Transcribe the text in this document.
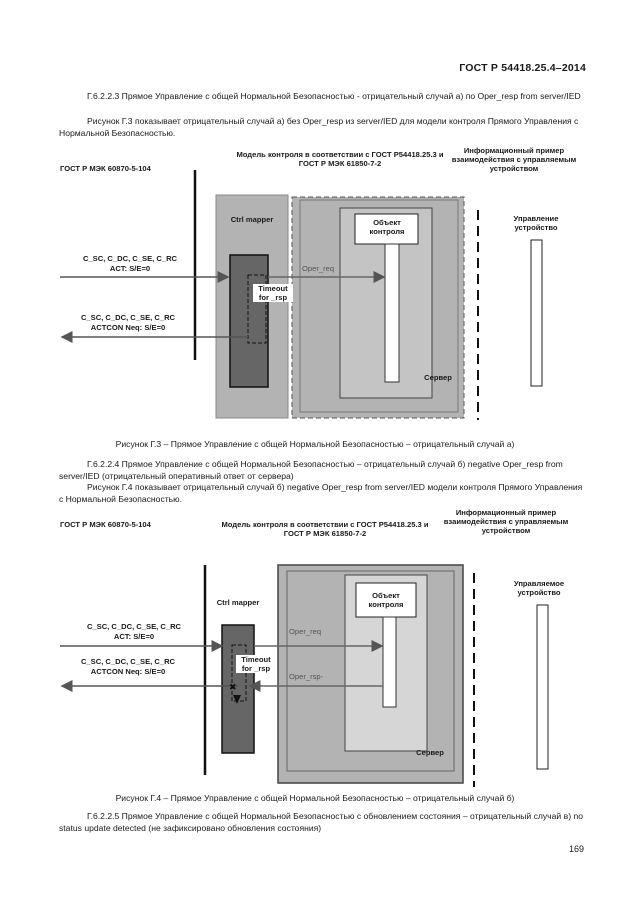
ГОСТ Р 54418.25.4–2014
Г.6.2.2.3 Прямое Управление с общей Нормальной Безопасностью - отрицательный случай а) по Oper_resp from server/IED
Рисунок Г.3 показывает отрицательный случай а) без Oper_resp из server/IED для модели контроля Прямого Управления с Нормальной Безопасностью.
ГОСТ Р МЭК 60870-5-104
Модель контроля в соответствии с ГОСТ Р54418.25.3 и ГОСТ Р МЭК 61850-7-2
Информационный пример взаимодействия с управляемым устройством
Ctrl mapper	Объект контроля
Управление устройство
Сервер
Timeout for _rsp
C_SC, C_DC, C_SE, C_RC
ACT: S/E=0
C_SC, C_DC, C_SE, C_RC
ACTCON Neq: S/E=0
Oper_req
Рисунок Г.3 – Прямое Управление с общей Нормальной Безопасностью – отрицательный случай а)
Г.6.2.2.4 Прямое Управление с общей Нормальной Безопасностью – отрицательный случай б) negative Oper_resp from server/IED (отрицательный оперативный ответ от сервера)
Рисунок Г.4 показывает отрицательный случай б) negative Oper_resp from server/IED модели контроля Прямого Управления с Нормальной Безопасностью.
ГОСТ Р МЭК 60870-5-104	Модель контроля в соответствии с ГОСТ Р54418.25.3 и ГОСТ Р МЭК 61850-7-2
Информационный пример взаимодействия с управляемым устройством
✖
Ctrl mapper
Объект контроля
Управляемое устройство
Сервер
Timeout for _rsp
C_SC, C_DC, C_SE, C_RC
ACT: S/E=0
C_SC, C_DC, C_SE, C_RC
ACTCON Neq: S/E=0
Oper_req
Oper_rsp-
Рисунок Г.4 – Прямое Управление с общей Нормальной Безопасностью – отрицательный случай б)
Г.6.2.2.5 Прямое Управление с общей Нормальной Безопасностью с обновлением состояния – отрицательный случай в) no status update detected (не зафиксировано обновления состояния)
169
